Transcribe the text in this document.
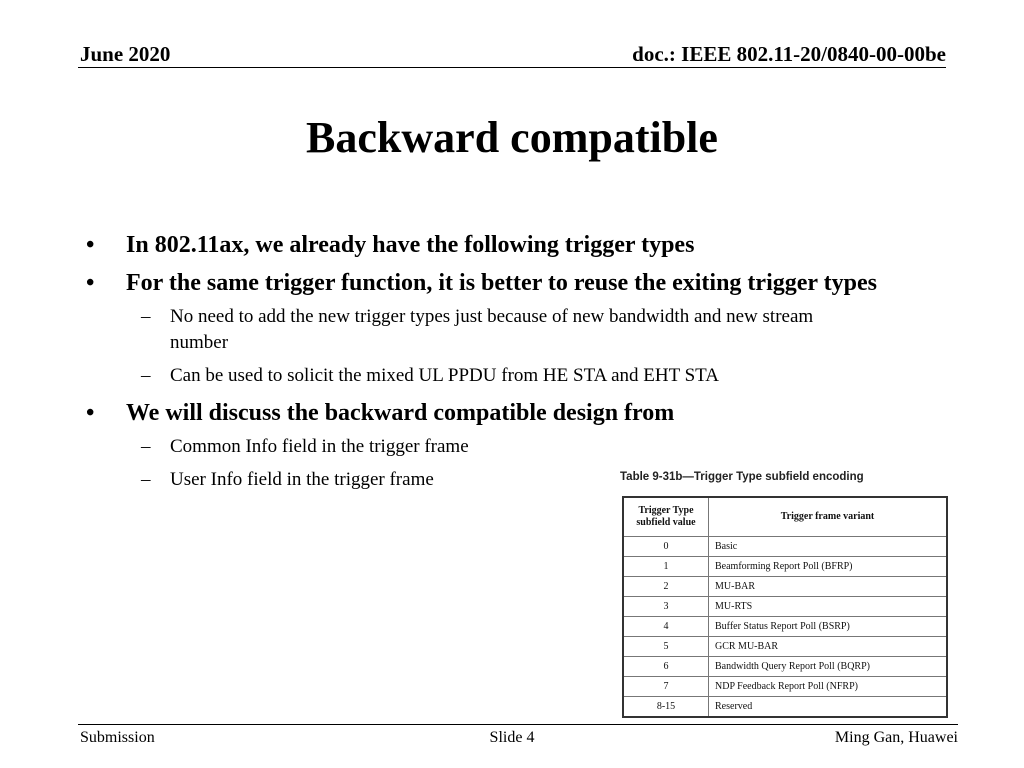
June 2020	doc.: IEEE 802.11-20/0840-00-00be
Backward compatible
•	In 802.11ax, we already have the following trigger types
•	For the same trigger function, it is better to reuse the exiting trigger types
– No need to add the new trigger types just because of new bandwidth and new stream number
– Can be used to solicit the mixed UL PPDU from HE STA and EHT STA
•	We will discuss the backward compatible design from
– Common Info field in the trigger frame
– User Info field in the trigger frame	Table 9-31b—Trigger Type subfield encoding
Trigger Type subfield value	Trigger frame variant
0	Basic
1	Beamforming Report Poll (BFRP)
2	MU-BAR
3	MU-RTS
4	Buffer Status Report Poll (BSRP)
5	GCR MU-BAR
6	Bandwidth Query Report Poll (BQRP)
7	NDP Feedback Report Poll (NFRP)
8-15	Reserved
Submission	Slide 4	Ming Gan, Huawei
